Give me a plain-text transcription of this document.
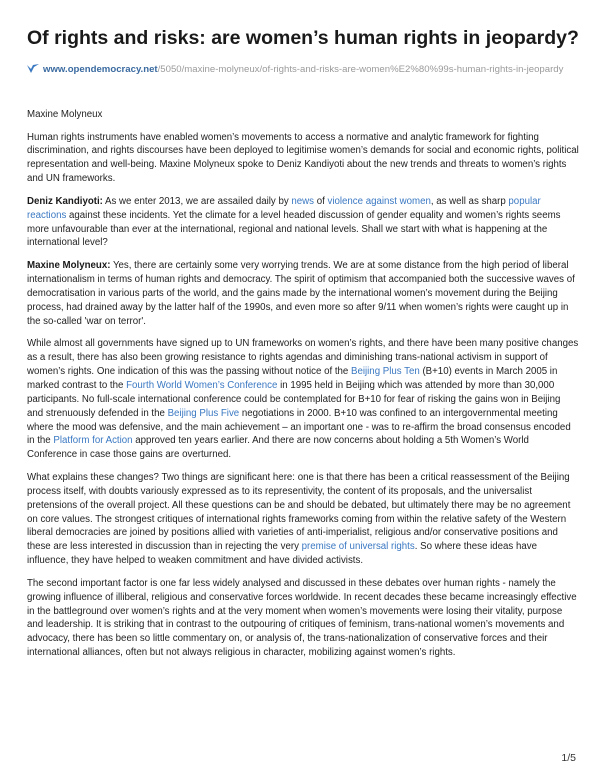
Of rights and risks: are women’s human rights in jeopardy?
www.opendemocracy.net/5050/maxine-molyneux/of-rights-and-risks-are-women%E2%80%99s-human-rights-in-jeopardy

Maxine Molyneux

Human rights instruments have enabled women’s movements to access a normative and analytic framework for fighting discrimination, and rights discourses have been deployed to legitimise women’s demands for social and economic rights, political representation and well-being. Maxine Molyneux spoke to Deniz Kandiyoti about the new trends and threats to women’s rights and UN frameworks.

Deniz Kandiyoti: As we enter 2013, we are assailed daily by news of violence against women, as well as sharp popular reactions against these incidents. Yet the climate for a level headed discussion of gender equality and women’s rights seems more unfavourable than ever at the international, regional and national levels. Shall we start with what is happening at the international level?

Maxine Molyneux: Yes, there are certainly some very worrying trends. We are at some distance from the high period of liberal internationalism in terms of human rights and democracy. The spirit of optimism that accompanied both the successive waves of democratisation in various parts of the world, and the gains made by the international women’s movement during the Beijing process, had drained away by the latter half of the 1990s, and even more so after 9/11 when women’s rights were caught up in the so-called 'war on terror'.

While almost all governments have signed up to UN frameworks on women’s rights, and there have been many positive changes as a result, there has also been growing resistance to rights agendas and diminishing trans-national activism in support of women’s rights. One indication of this was the passing without notice of the Beijing Plus Ten (B+10) events in March 2005 in marked contrast to the Fourth World Women’s Conference in 1995 held in Beijing which was attended by more than 30,000 participants. No full-scale international conference could be contemplated for B+10 for fear of risking the gains won in Beijing and strenuously defended in the Beijing Plus Five negotiations in 2000. B+10 was confined to an intergovernmental meeting where the mood was defensive, and the main achievement – an important one - was to re-affirm the broad consensus encoded in the Platform for Action approved ten years earlier. And there are now concerns about holding a 5th Women’s World Conference in case those gains are overturned.

What explains these changes? Two things are significant here: one is that there has been a critical reassessment of the Beijing process itself, with doubts variously expressed as to its representivity, the content of its proposals, and the universalist pretensions of the overall project. All these questions can be and should be debated, but ultimately there may be no agreement on core values. The strongest critiques of international rights frameworks coming from within the relative safety of the Western liberal democracies are joined by positions allied with varieties of anti-imperialist, religious and/or conservative positions and these are less interested in discussion than in rejecting the very premise of universal rights. So where these ideas have influence, they have helped to weaken commitment and have divided activists.

The second important factor is one far less widely analysed and discussed in these debates over human rights - namely the growing influence of illiberal, religious and conservative forces worldwide. In recent decades these became increasingly effective in the battleground over women’s rights and at the very moment when women’s movements were losing their vitality, purpose and leadership. It is striking that in contrast to the outpouring of critiques of feminism, trans-national women’s movements and advocacy, there has been so little commentary on, or analysis of, the trans-nationalization of conservative forces and their international alliances, often but not always religious in character, mobilizing against women’s rights.

1/5
